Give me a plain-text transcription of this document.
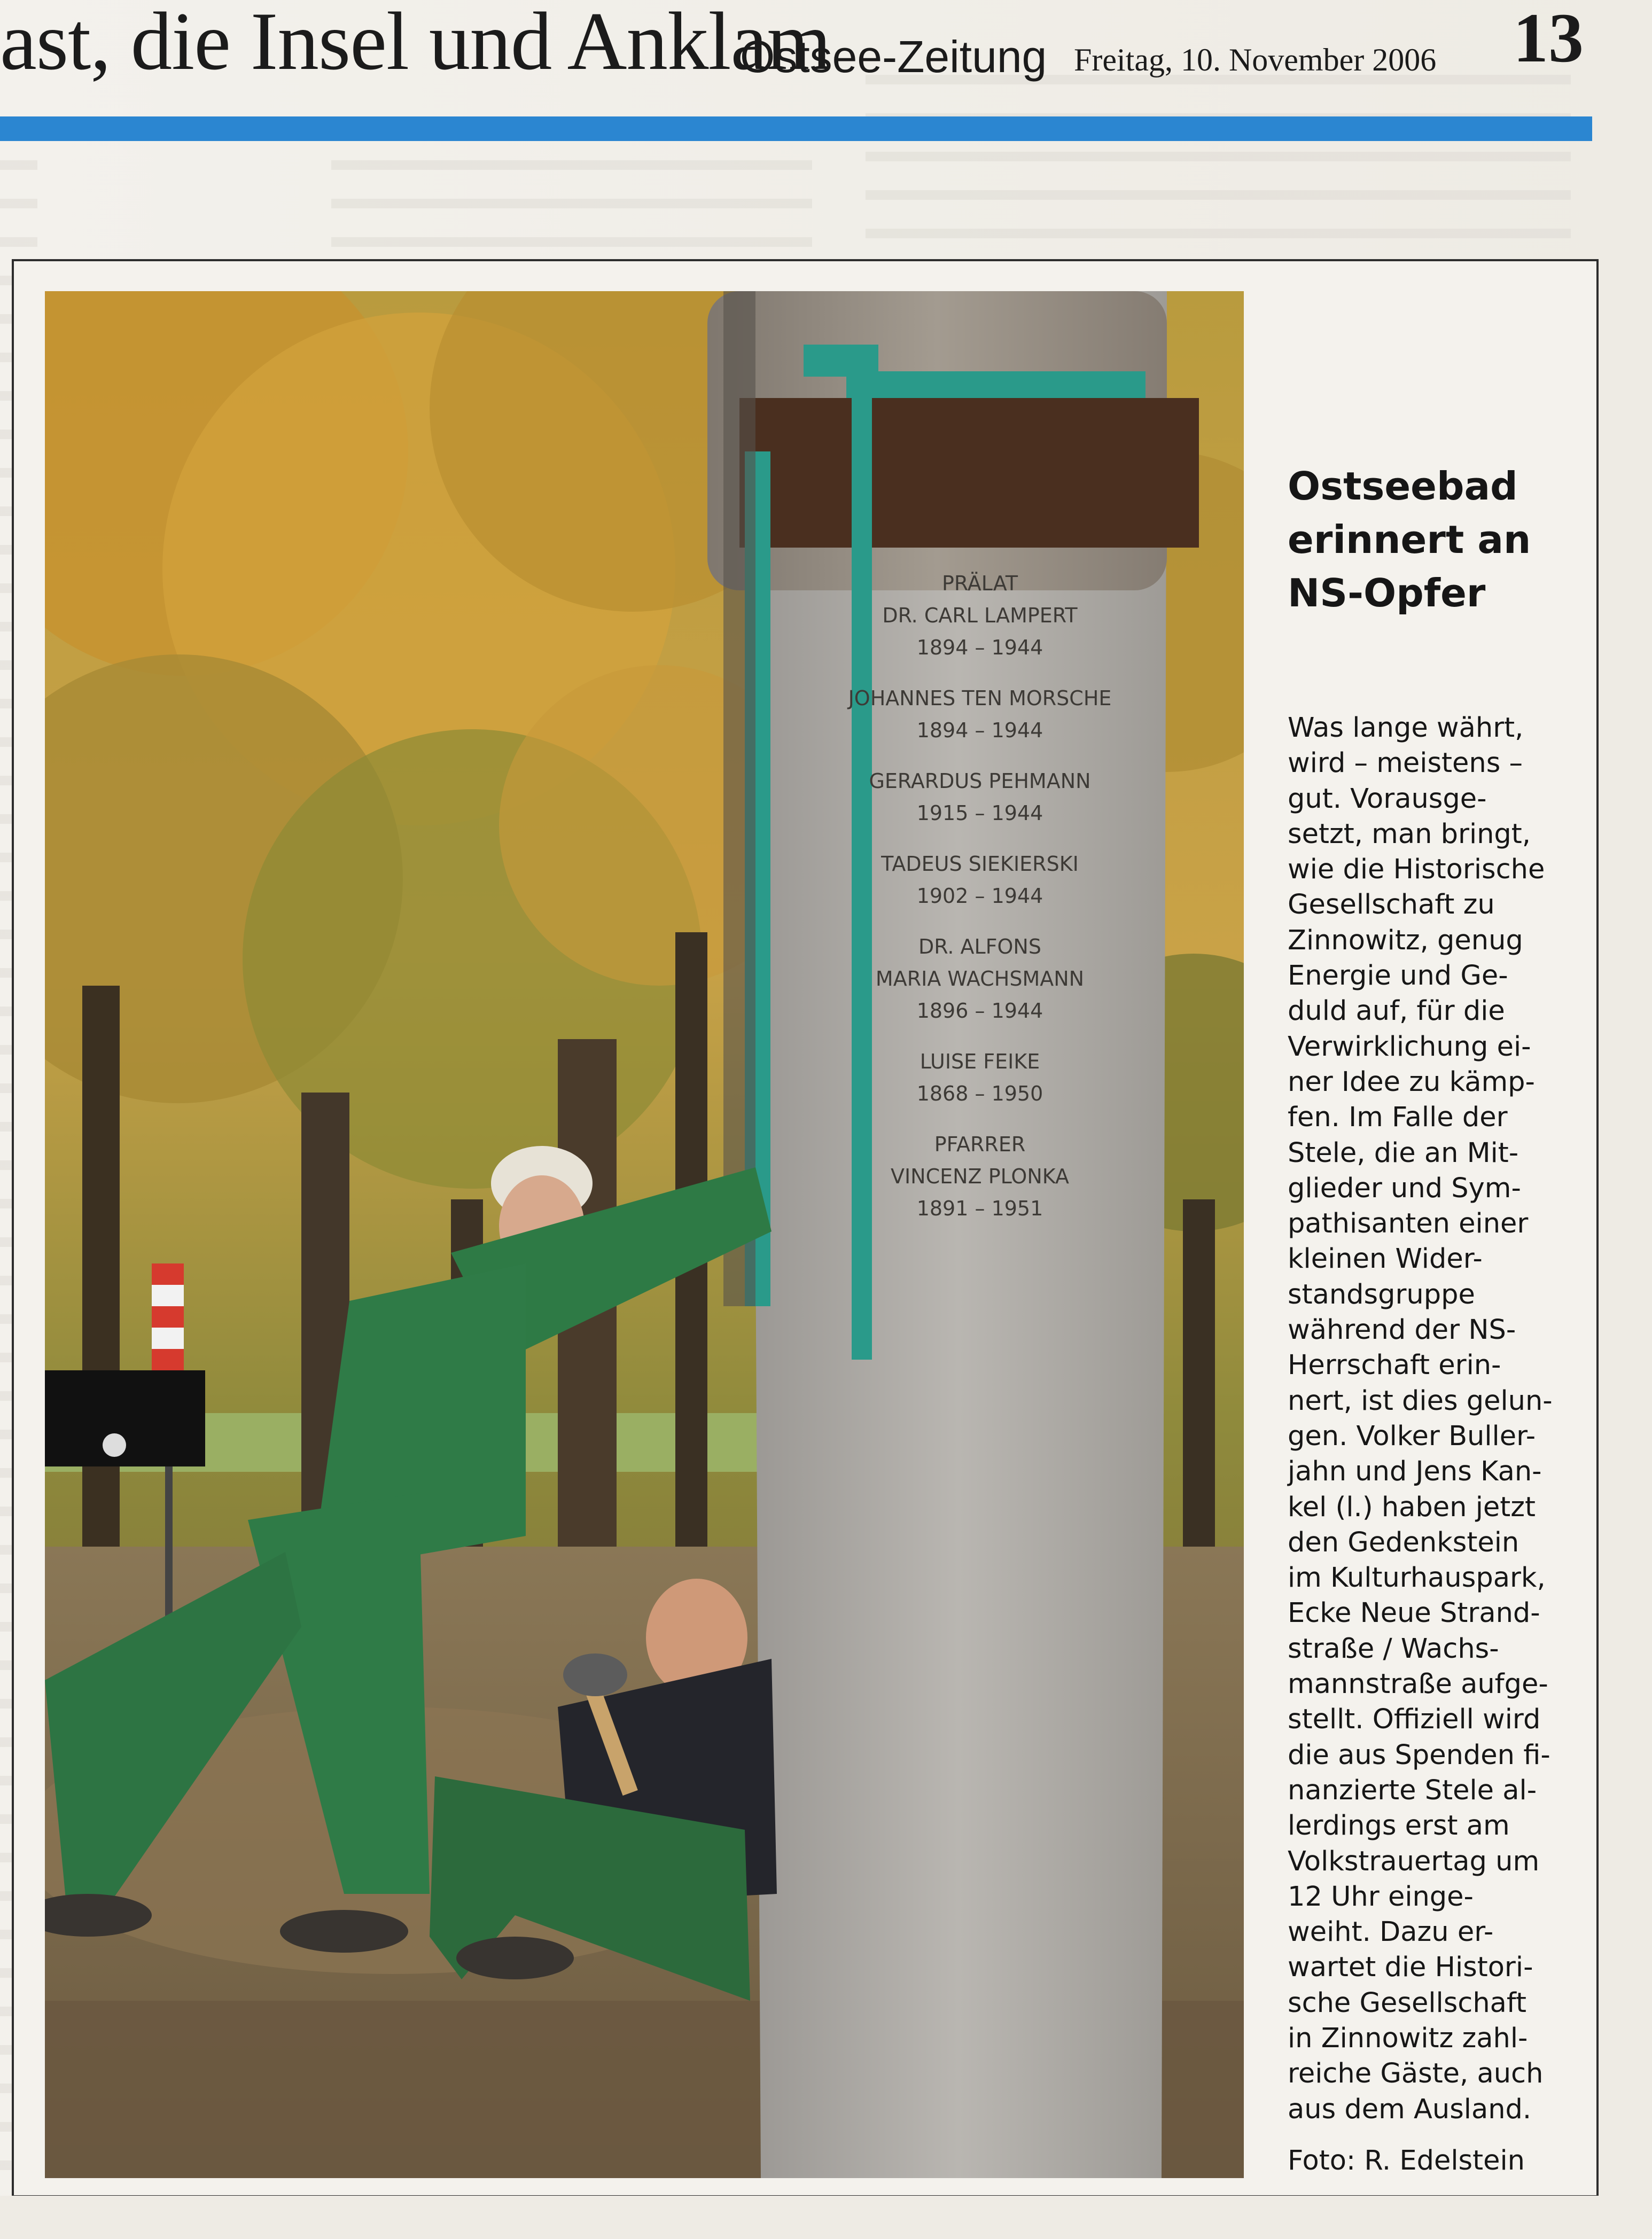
ast, die Insel und Anklam
Ostsee-Zeitung Freitag, 10. November 2006 13
PRÄLAT
DR. CARL LAMPERT
1894 – 1944
JOHANNES TEN MORSCHE
1894 – 1944
GERARDUS PEHMANN
1915 – 1944
TADEUS SIEKIERSKI
1902 – 1944
DR. ALFONS
MARIA WACHSMANN
1896 – 1944
LUISE FEIKE
1868 – 1950
PFARRER
VINCENZ PLONKA
1891 – 1951
Ostseebad
erinnert an
NS-Opfer
Was lange währt,
wird – meistens –
gut. Vorausge-
setzt, man bringt,
wie die Historische
Gesellschaft zu
Zinnowitz, genug
Energie und Ge-
duld auf, für die
Verwirklichung ei-
ner Idee zu kämp-
fen. Im Falle der
Stele, die an Mit-
glieder und Sym-
pathisanten einer
kleinen Wider-
standsgruppe
während der NS-
Herrschaft erin-
nert, ist dies gelun-
gen. Volker Buller-
jahn und Jens Kan-
kel (l.) haben jetzt
den Gedenkstein
im Kulturhauspark,
Ecke Neue Strand-
straße / Wachs-
mannstraße aufge-
stellt. Offiziell wird
die aus Spenden fi-
nanzierte Stele al-
lerdings erst am
Volkstrauertag um
12 Uhr einge-
weiht. Dazu er-
wartet die Histori-
sche Gesellschaft
in Zinnowitz zahl-
reiche Gäste, auch
aus dem Ausland.
Foto: R. Edelstein
